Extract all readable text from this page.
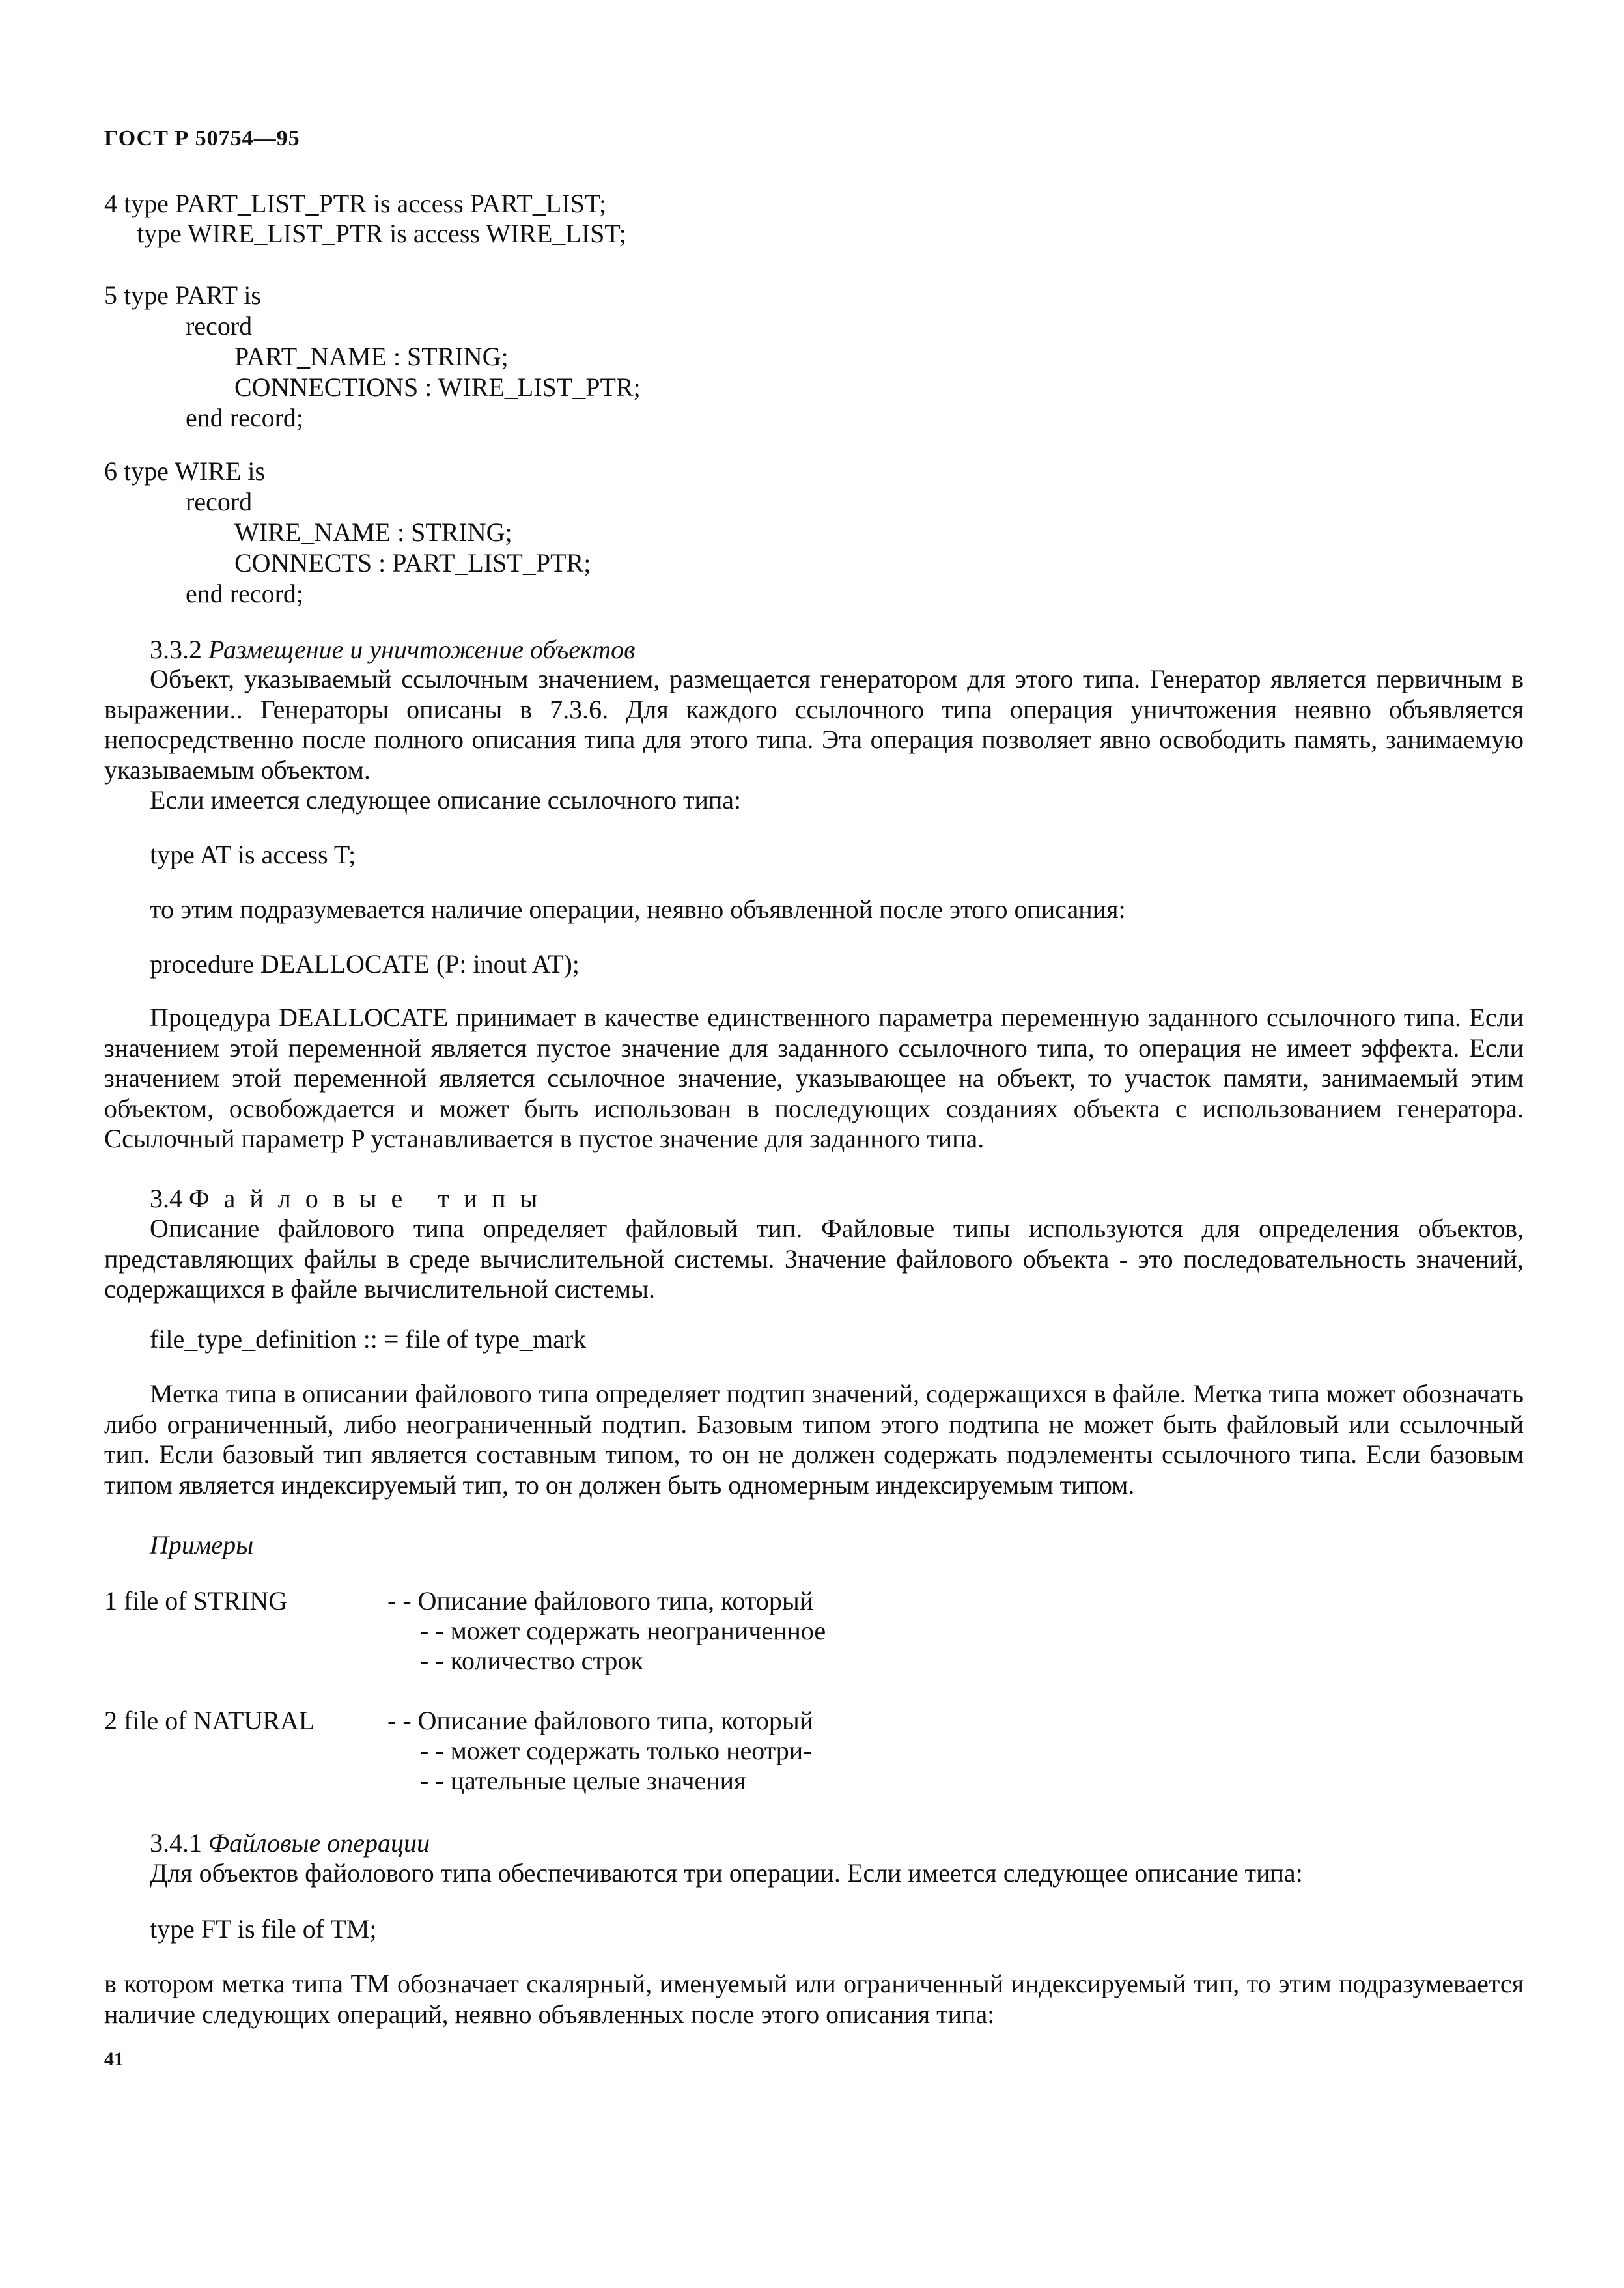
ГОСТ Р 50754—95
4 type PART_LIST_PTR is access PART_LIST;
type WIRE_LIST_PTR is access WIRE_LIST;
5 type PART is
record
PART_NAME : STRING;
CONNECTIONS : WIRE_LIST_PTR;
end record;
6 type WIRE is
record
WIRE_NAME : STRING;
CONNECTS : PART_LIST_PTR;
end record;
3.3.2 Размещение и уничтожение объектов
Объект, указываемый ссылочным значением, размещается генератором для этого типа. Генератор является первичным в выражении.. Генераторы описаны в 7.3.6. Для каждого ссылочного типа операция уничтожения неявно объявляется непосредственно после полного описания типа для этого типа. Эта операция позволяет явно освободить память, занимаемую указываемым объектом.
Если имеется следующее описание ссылочного типа:
type AT is access T;
то этим подразумевается наличие операции, неявно объявленной после этого описания:
procedure DEALLOCATE (P: inout AT);
Процедура DEALLOCATE принимает в качестве единственного параметра переменную заданного ссылочного типа. Если значением этой переменной является пустое значение для заданного ссылочного типа, то операция не имеет эффекта. Если значением этой переменной является ссылочное значение, указывающее на объект, то участок памяти, занимаемый этим объектом, освобождается и может быть использован в последующих созданиях объекта с использованием генератора. Ссылочный параметр P устанавливается в пустое значение для заданного типа.
3.4 Файловые типы
Описание файлового типа определяет файловый тип. Файловые типы используются для определения объектов, представляющих файлы в среде вычислительной системы. Значение файлового объекта - это последовательность значений, содержащихся в файле вычислительной системы.
file_type_definition :: = file of type_mark
Метка типа в описании файлового типа определяет подтип значений, содержащихся в файле. Метка типа может обозначать либо ограниченный, либо неограниченный подтип. Базовым типом этого подтипа не может быть файловый или ссылочный тип. Если базовый тип является составным типом, то он не должен содержать подэлементы ссылочного типа. Если базовым типом является индексируемый тип, то он должен быть одномерным индексируемым типом.
Примеры
1 file of STRING	- - Описание файлового типа, который
- - может содержать неограниченное
- - количество строк
2 file of NATURAL	- - Описание файлового типа, который
- - может содержать только неотри-
- - цательные целые значения
3.4.1 Файловые операции
Для объектов файолового типа обеспечиваются три операции. Если имеется следующее описание типа:
type FT is file of TM;
в котором метка типа TM обозначает скалярный, именуемый или ограниченный индексируемый тип, то этим подразумевается наличие следующих операций, неявно объявленных после этого описания типа:
41
